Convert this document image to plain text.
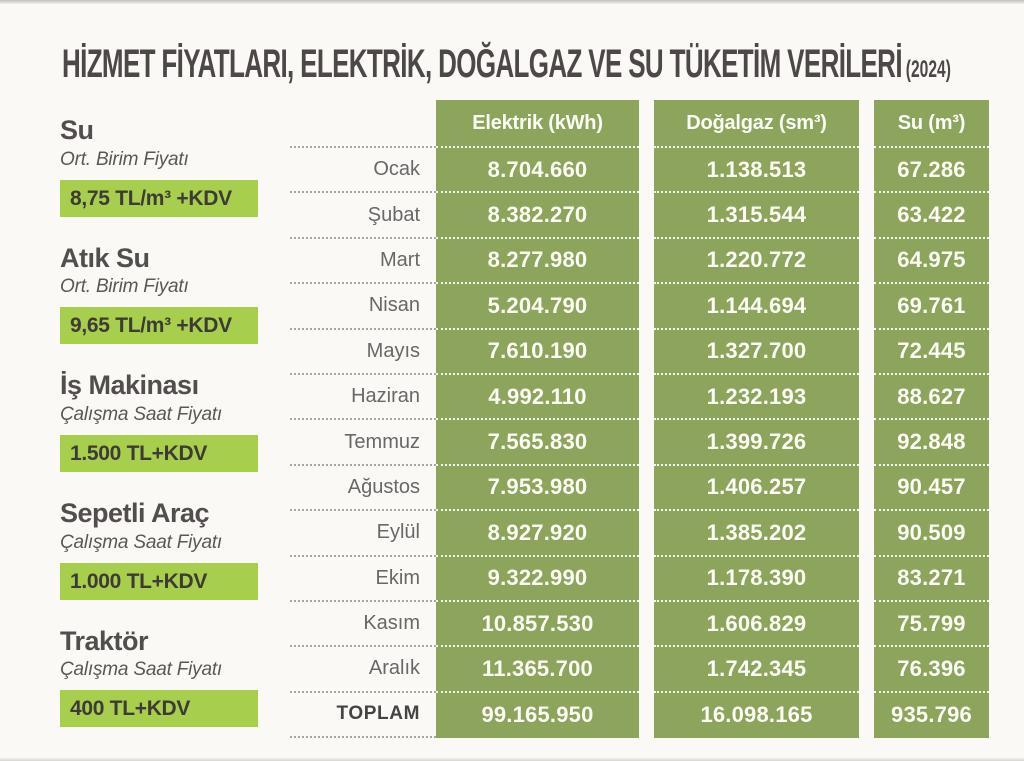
HİZMET FİYATLARI, ELEKTRİK, DOĞALGAZ VE SU TÜKETİM VERİLERİ (2024)
Su
Ort. Birim Fiyatı
8,75 TL/m³ +KDV
Atık Su
Ort. Birim Fiyatı
9,65 TL/m³ +KDV
İş Makinası
Çalışma Saat Fiyatı
1.500 TL+KDV
Sepetli Araç
Çalışma Saat Fiyatı
1.000 TL+KDV
Traktör
Çalışma Saat Fiyatı
400 TL+KDV
Ocak
Şubat
Mart
Nisan
Mayıs
Haziran
Temmuz
Ağustos
Eylül
Ekim
Kasım
Aralık
TOPLAM
Elektrik (kWh)
8.704.660
8.382.270
8.277.980
5.204.790
7.610.190
4.992.110
7.565.830
7.953.980
8.927.920
9.322.990
10.857.530
11.365.700
99.165.950
Doğalgaz (sm³)
1.138.513
1.315.544
1.220.772
1.144.694
1.327.700
1.232.193
1.399.726
1.406.257
1.385.202
1.178.390
1.606.829
1.742.345
16.098.165
Su (m³)
67.286
63.422
64.975
69.761
72.445
88.627
92.848
90.457
90.509
83.271
75.799
76.396
935.796
